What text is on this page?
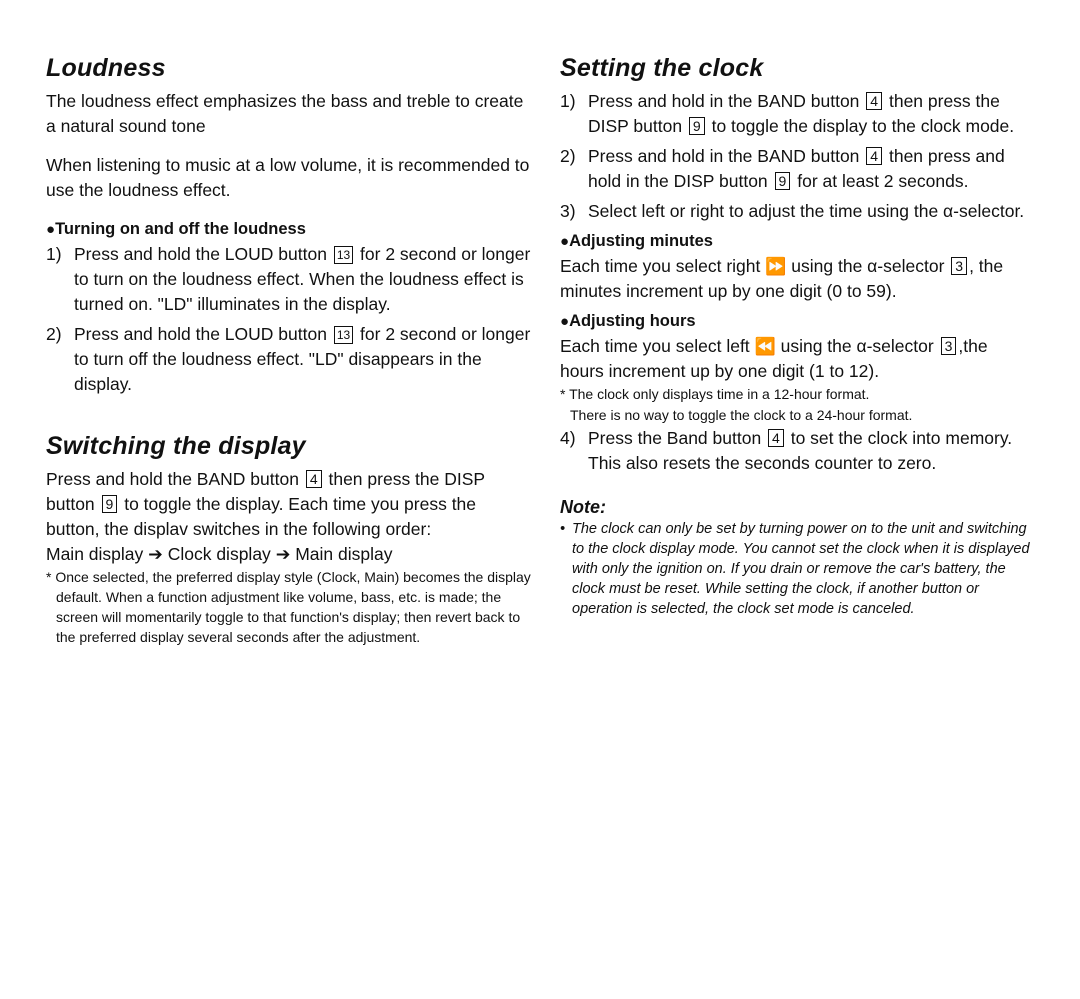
Loudness

The loudness effect emphasizes the bass and treble to create a natural sound tone

When listening to music at a low volume, it is recommended to use the loudness effect.

●Turning on and off the loudness

1) Press and hold the LOUD button 13 for 2 second or longer to turn on the loudness effect. When the loudness effect is turned on. "LD" illuminates in the display.
2) Press and hold the LOUD button 13 for 2 second or longer to turn off the loudness effect. "LD" disappears in the display.
Switching the display

Press and hold the BAND button 4 then press the DISP button 9 to toggle the display. Each time you press the button, the displav switches in the following order:

Main display ➔ Clock display ➔ Main display

* Once selected, the preferred display style (Clock, Main) becomes the display default. When a function adjustment like volume, bass, etc. is made; the screen will momentarily toggle to that function's display; then revert back to the preferred display several seconds after the adjustment.

Setting the clock
1) Press and hold in the BAND button 4 then press the DISP button 9 to toggle the display to the clock mode.
2) Press and hold in the BAND button 4 then press and hold in the DISP button 9 for at least 2 seconds.
3) Select left or right to adjust the time using the α-selector.

●Adjusting minutes

Each time you select right ⏩ using the α-selector 3 , the minutes increment up by one digit (0 to 59).

●Adjusting hours

Each time you select left ⏪ using the α-selector 3 ,the hours increment up by one digit (1 to 12).

* The clock only displays time in a 12-hour format.

There is no way to toggle the clock to a 24-hour format.

4) Press the Band button 4 to set the clock into memory. This also resets the seconds counter to zero.
Note:

• The clock can only be set by turning power on to the unit and switching to the clock display mode. You cannot set the clock when it is displayed with only the ignition on. If you drain or remove the car's battery, the clock must be reset. While setting the clock, if another button or operation is selected, the clock set mode is canceled.
